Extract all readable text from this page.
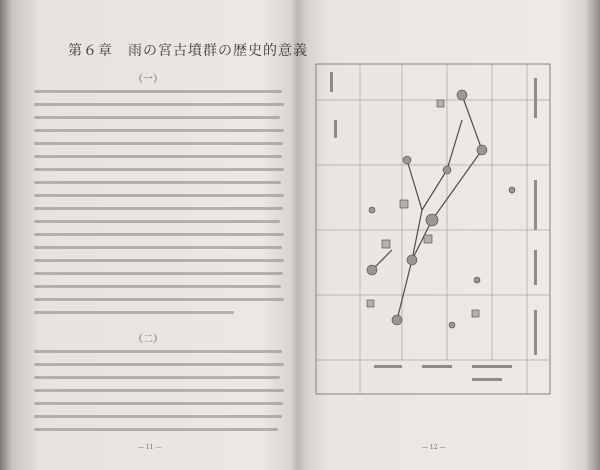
第６章　雨の宮古墳群の歴史的意義
（一）
（二）
— 11 —	— 12 —
